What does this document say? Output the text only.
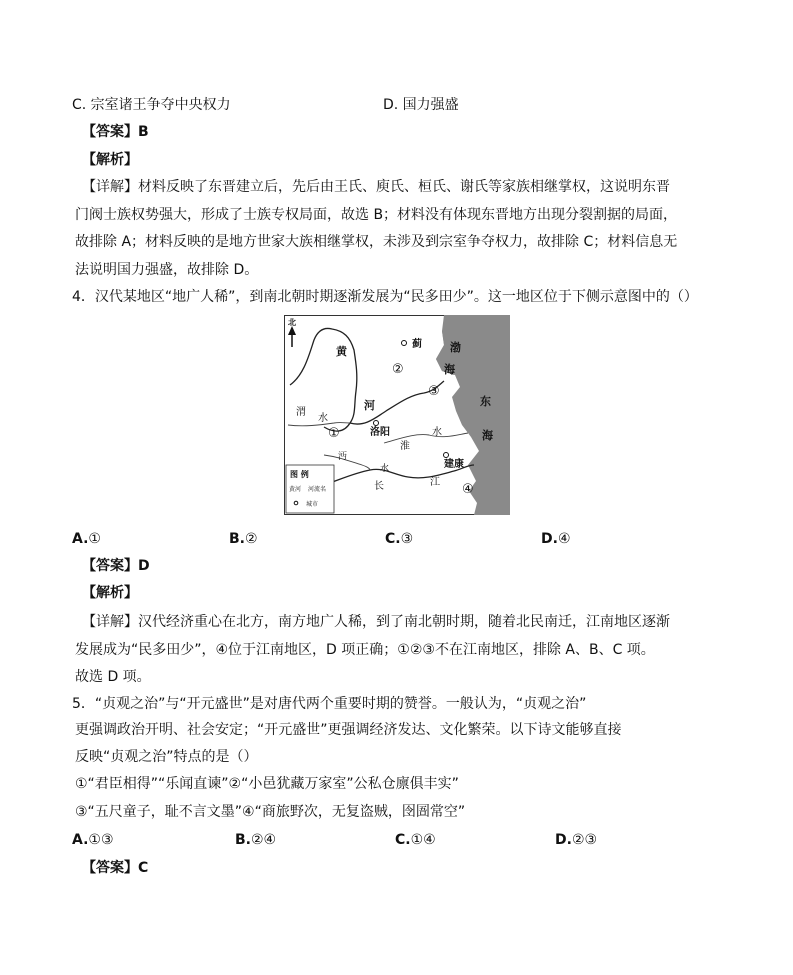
C. 宗室诸王争夺中央权力	D. 国力强盛
【答案】B
【解析】
【详解】材料反映了东晋建立后，先后由王氏、庾氏、桓氏、谢氏等家族相继掌权，这说明东晋
门阀士族权势强大，形成了士族专权局面，故选 B；材料没有体现东晋地方出现分裂割据的局面，
故排除 A；材料反映的是地方世家大族相继掌权，未涉及到宗室争夺权力，故排除 C；材料信息无
法说明国力强盛，故排除 D。
4．汉代某地区“地广人稀”，到南北朝时期逐渐发展为“民多田少”。这一地区位于下侧示意图中的（）
北
黄
河
渭
水
蓟	渤
海
东
海
洛阳
淮
水
沔
水
长	江
建康
①
②
③
④
图 例
黄河 河流名
城市
A.①	B.②	C.③	D.④
【答案】D
【解析】
【详解】汉代经济重心在北方，南方地广人稀，到了南北朝时期，随着北民南迁，江南地区逐渐
发展成为“民多田少”，④位于江南地区，D 项正确；①②③不在江南地区，排除 A、B、C 项。
故选 D 项。
5．“贞观之治”与“开元盛世”是对唐代两个重要时期的赞誉。一般认为，“贞观之治”
更强调政治开明、社会安定；“开元盛世”更强调经济发达、文化繁荣。以下诗文能够直接
反映“贞观之治”特点的是（）
①“君臣相得”“乐闻直谏”②“小邑犹藏万家室”公私仓廪俱丰实”
③“五尺童子，耻不言文墨”④“商旅野次，无复盗贼，囹圄常空”
A.①③	B.②④	C.①④	D.②③
【答案】C
